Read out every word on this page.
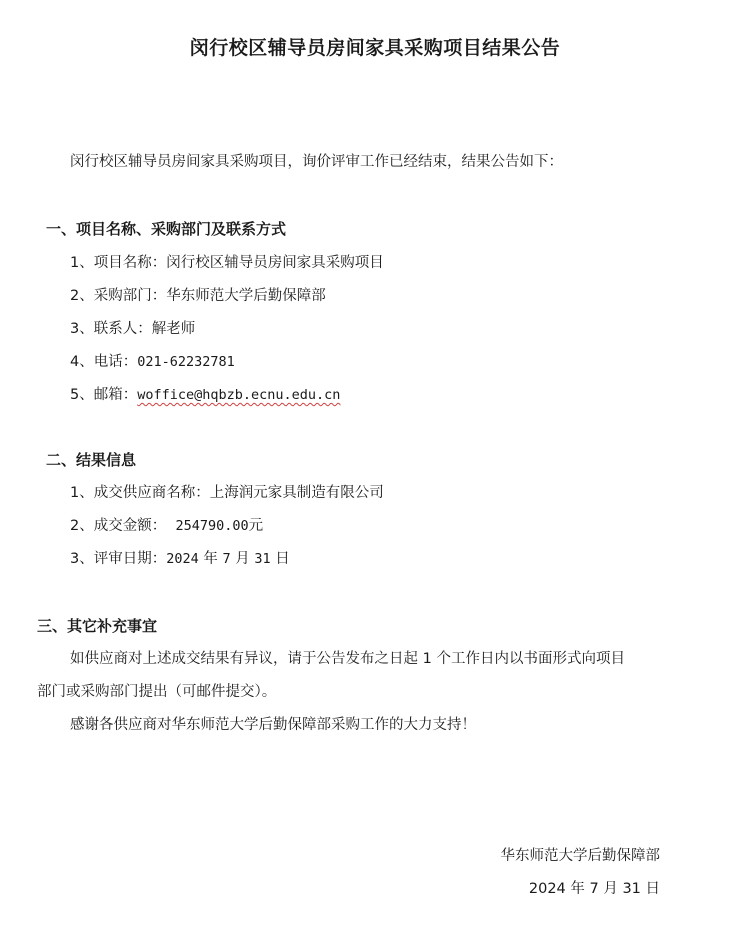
闵行校区辅导员房间家具采购项目结果公告
闵行校区辅导员房间家具采购项目，询价评审工作已经结束，结果公告如下：
一、项目名称、采购部门及联系方式
1、项目名称：闵行校区辅导员房间家具采购项目
2、采购部门：华东师范大学后勤保障部
3、联系人：解老师
4、电话：021-62232781
5、邮箱：woffice@hqbzb.ecnu.edu.cn
二、结果信息
1、成交供应商名称：上海润元家具制造有限公司
2、成交金额： 254790.00元
3、评审日期：2024 年 7 月 31 日
三、其它补充事宜
如供应商对上述成交结果有异议，请于公告发布之日起 1 个工作日内以书面形式向项目
部门或采购部门提出（可邮件提交）。
感谢各供应商对华东师范大学后勤保障部采购工作的大力支持！
华东师范大学后勤保障部
2024 年 7 月 31 日
